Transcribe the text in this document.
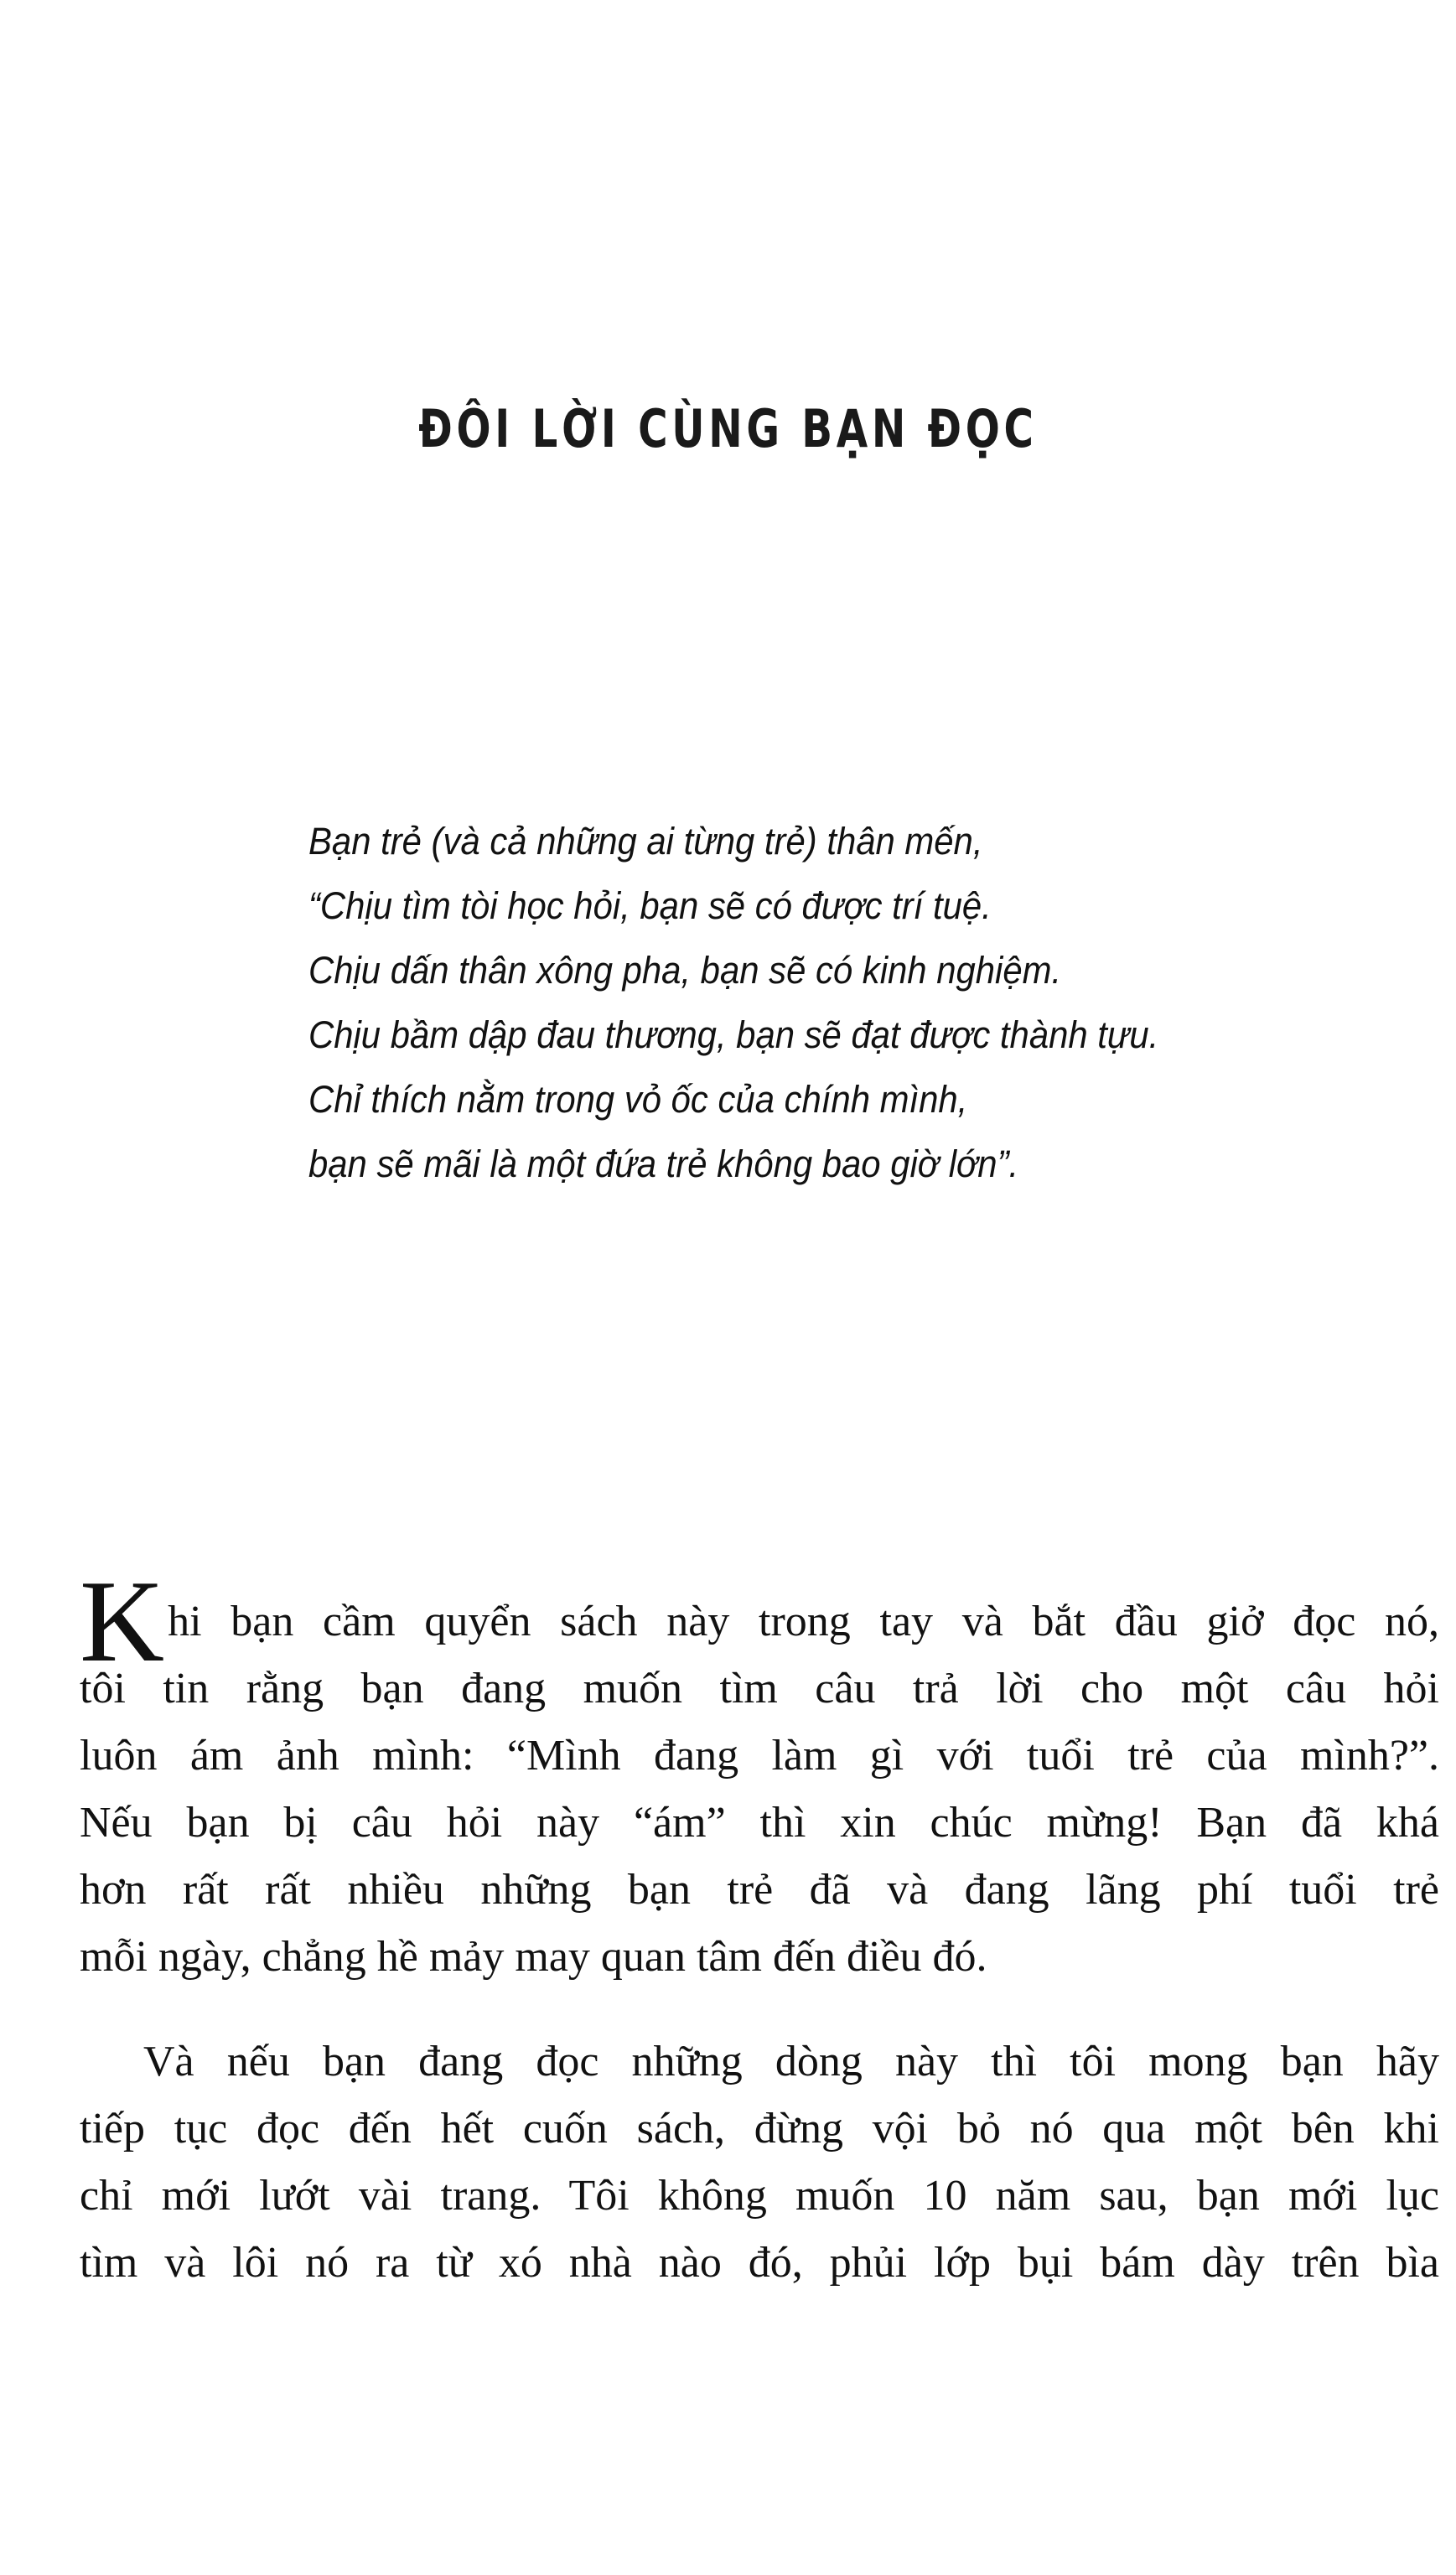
ĐÔI LỜI CÙNG BẠN ĐỌC
Bạn trẻ (và cả những ai từng trẻ) thân mến,
“Chịu tìm tòi học hỏi, bạn sẽ có được trí tuệ.
Chịu dấn thân xông pha, bạn sẽ có kinh nghiệm.
Chịu bầm dập đau thương, bạn sẽ đạt được thành tựu.
Chỉ thích nằm trong vỏ ốc của chính mình,
bạn sẽ mãi là một đứa trẻ không bao giờ lớn”.
K hi bạn cầm quyển sách này trong tay và bắt đầu giở đọc nó,
tôi tin rằng bạn đang muốn tìm câu trả lời cho một câu hỏi
luôn ám ảnh mình: “Mình đang làm gì với tuổi trẻ của mình?”.
Nếu bạn bị câu hỏi này “ám” thì xin chúc mừng! Bạn đã khá
hơn rất rất nhiều những bạn trẻ đã và đang lãng phí tuổi trẻ
mỗi ngày, chẳng hề mảy may quan tâm đến điều đó.
Và nếu bạn đang đọc những dòng này thì tôi mong bạn hãy
tiếp tục đọc đến hết cuốn sách, đừng vội bỏ nó qua một bên khi
chỉ mới lướt vài trang. Tôi không muốn 10 năm sau, bạn mới lục
tìm và lôi nó ra từ xó nhà nào đó, phủi lớp bụi bám dày trên bìa
